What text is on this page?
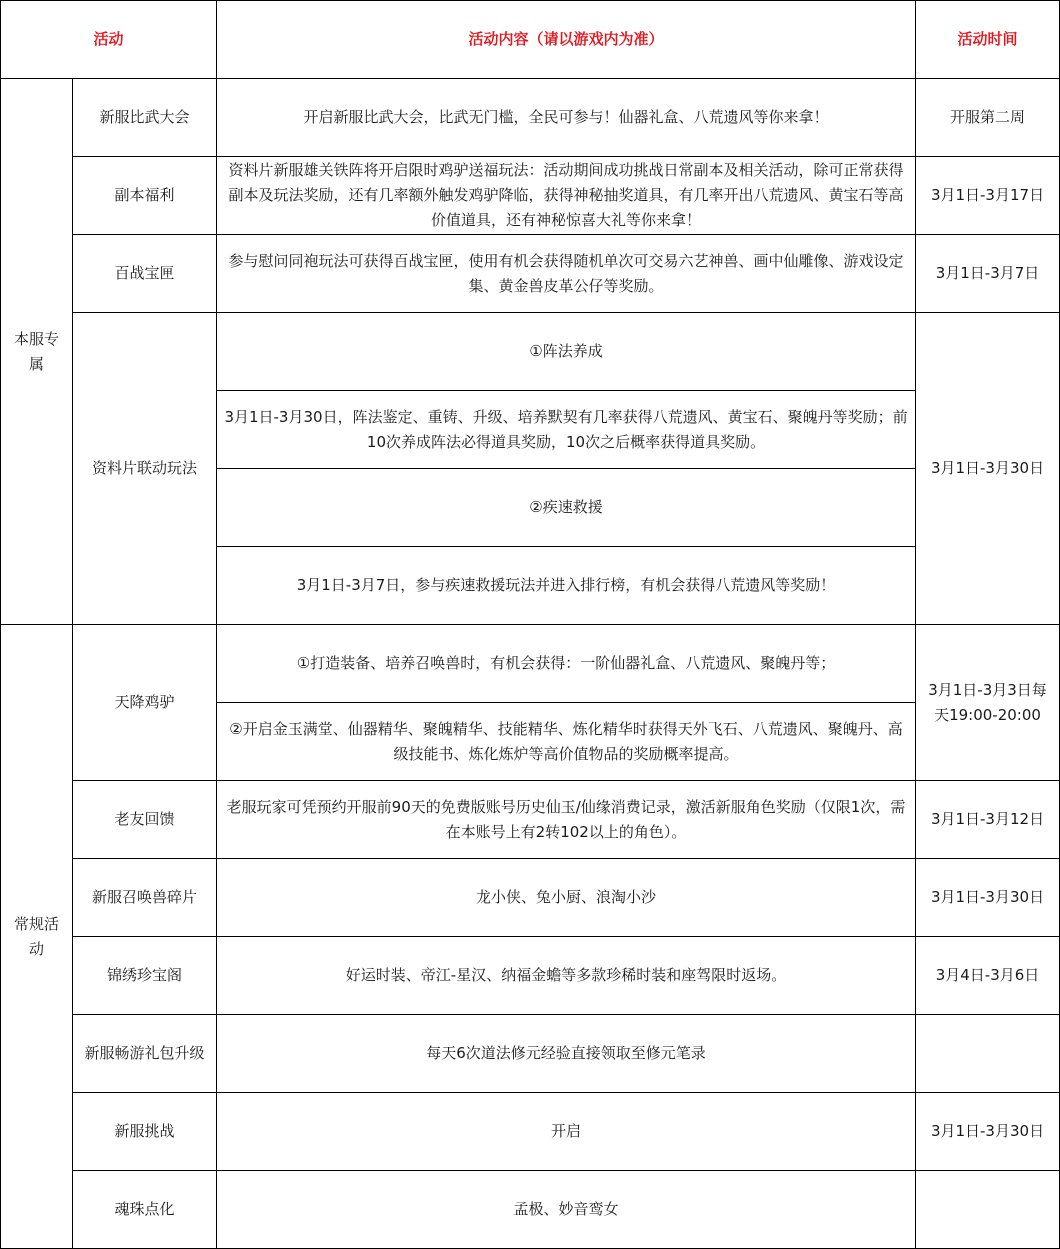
活动		活动内容（请以游戏内为准）	活动时间
本服专属	新服比武大会	开启新服比武大会，比武无门槛，全民可参与！仙器礼盒、八荒遗风等你来拿！	开服第二周
	副本福利	资料片新服雄关铁阵将开启限时鸡驴送福玩法：活动期间成功挑战日常副本及相关活动，除可正常获得副本及玩法奖励，还有几率额外触发鸡驴降临，获得神秘抽奖道具，有几率开出八荒遗风、黄宝石等高价值道具，还有神秘惊喜大礼等你来拿！	3月1日-3月17日
	百战宝匣	参与慰问同袍玩法可获得百战宝匣，使用有机会获得随机单次可交易六艺神兽、画中仙雕像、游戏设定集、黄金兽皮革公仔等奖励。	3月1日-3月7日
	资料片联动玩法	①阵法养成	3月1日-3月30日
		3月1日-3月30日，阵法鉴定、重铸、升级、培养默契有几率获得八荒遗风、黄宝石、聚魄丹等奖励；前10次养成阵法必得道具奖励，10次之后概率获得道具奖励。	
		②疾速救援	
		3月1日-3月7日，参与疾速救援玩法并进入排行榜，有机会获得八荒遗风等奖励！	
常规活动	天降鸡驴	①打造装备、培养召唤兽时，有机会获得：一阶仙器礼盒、八荒遗风、聚魄丹等；	3月1日-3月3日每天19:00-20:00
		②开启金玉满堂、仙器精华、聚魄精华、技能精华、炼化精华时获得天外飞石、八荒遗风、聚魄丹、高级技能书、炼化炼炉等高价值物品的奖励概率提高。	
	老友回馈	老服玩家可凭预约开服前90天的免费版账号历史仙玉/仙缘消费记录，激活新服角色奖励（仅限1次，需在本账号上有2转102以上的角色）。	3月1日-3月12日
	新服召唤兽碎片	龙小侠、兔小厨、浪淘小沙	3月1日-3月30日
	锦绣珍宝阁	好运时装、帝江-星汉、纳福金蟾等多款珍稀时装和座驾限时返场。	3月4日-3月6日
	新服畅游礼包升级	每天6次道法修元经验直接领取至修元笔录	
	新服挑战	开启	3月1日-3月30日
	魂珠点化	孟极、妙音鸾女	
